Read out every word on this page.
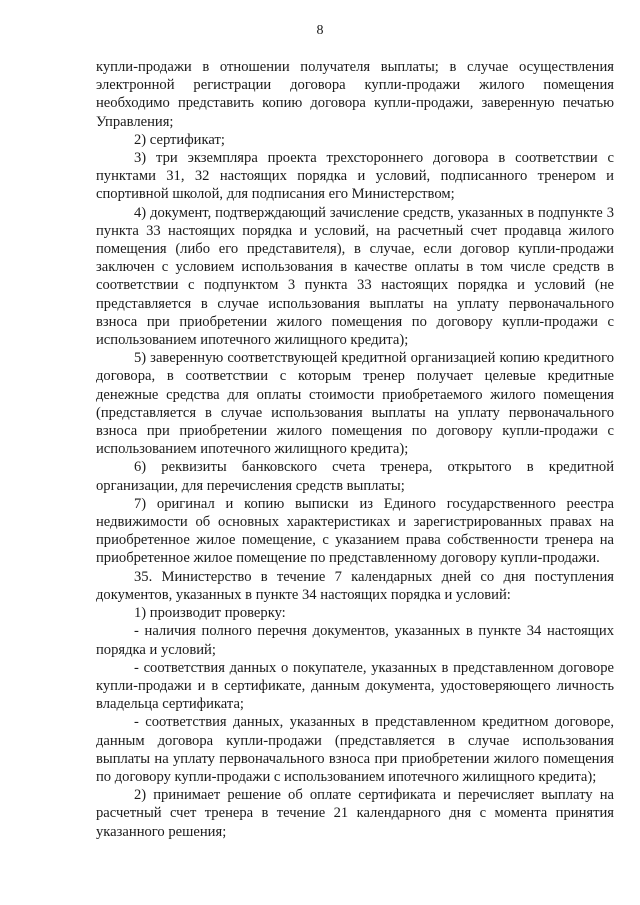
8

купли-продажи в отношении получателя выплаты; в случае осуществления электронной регистрации договора купли-продажи жилого помещения необходимо представить копию договора купли-продажи, заверенную печатью Управления;

2) сертификат;

3) три экземпляра проекта трехстороннего договора в соответствии с пунктами 31, 32 настоящих порядка и условий, подписанного тренером и спортивной школой, для подписания его Министерством;

4) документ, подтверждающий зачисление средств, указанных в подпункте 3 пункта 33 настоящих порядка и условий, на расчетный счет продавца жилого помещения (либо его представителя), в случае, если договор купли-продажи заключен с условием использования в качестве оплаты в том числе средств в соответствии с подпунктом 3 пункта 33 настоящих порядка и условий (не представляется в случае использования выплаты на уплату первоначального взноса при приобретении жилого помещения по договору купли-продажи с использованием ипотечного жилищного кредита);

5) заверенную соответствующей кредитной организацией копию кредитного договора, в соответствии с которым тренер получает целевые кредитные денежные средства для оплаты стоимости приобретаемого жилого помещения (представляется в случае использования выплаты на уплату первоначального взноса при приобретении жилого помещения по договору купли-продажи с использованием ипотечного жилищного кредита);

6) реквизиты банковского счета тренера, открытого в кредитной организации, для перечисления средств выплаты;

7) оригинал и копию выписки из Единого государственного реестра недвижимости об основных характеристиках и зарегистрированных правах на приобретенное жилое помещение, с указанием права собственности тренера на приобретенное жилое помещение по представленному договору купли-продажи.

35. Министерство в течение 7 календарных дней со дня поступления документов, указанных в пункте 34 настоящих порядка и условий:

1) производит проверку:

- наличия полного перечня документов, указанных в пункте 34 настоящих порядка и условий;

- соответствия данных о покупателе, указанных в представленном договоре купли-продажи и в сертификате, данным документа, удостоверяющего личность владельца сертификата;

- соответствия данных, указанных в представленном кредитном договоре, данным договора купли-продажи (представляется в случае использования выплаты на уплату первоначального взноса при приобретении жилого помещения по договору купли-продажи с использованием ипотечного жилищного кредита);

2) принимает решение об оплате сертификата и перечисляет выплату на расчетный счет тренера в течение 21 календарного дня с момента принятия указанного решения;
